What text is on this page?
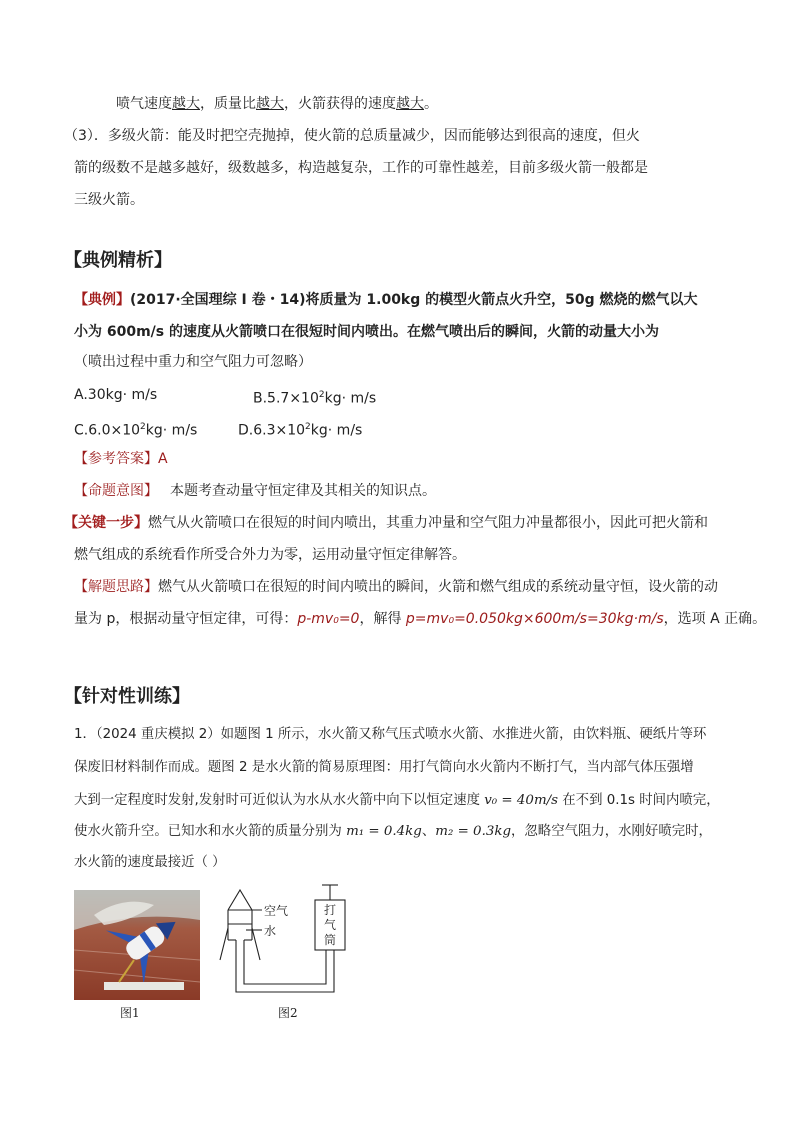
喷气速度越大，质量比越大，火箭获得的速度越大。
（3）．多级火箭：能及时把空壳抛掉，使火箭的总质量减少，因而能够达到很高的速度，但火
箭的级数不是越多越好，级数越多，构造越复杂，工作的可靠性越差，目前多级火箭一般都是
三级火箭。
【典例精析】
【典例】(2017·全国理综 I 卷・14)将质量为 1.00kg 的模型火箭点火升空，50g 燃烧的燃气以大
小为 600m/s 的速度从火箭喷口在很短时间内喷出。在燃气喷出后的瞬间，火箭的动量大小为
（喷出过程中重力和空气阻力可忽略）
A.30kg· m/s	$B.5.7\times 10^2kg\cdot m/s$
$C.6.0\times 10^2kg\cdot m/s$	$D.6.3\times 10^2kg\cdot m/s$
【参考答案】A
【命题意图】 本题考查动量守恒定律及其相关的知识点。
【关键一步】燃气从火箭喷口在很短的时间内喷出，其重力冲量和空气阻力冲量都很小，因此可把火箭和
燃气组成的系统看作所受合外力为零，运用动量守恒定律解答。
【解题思路】燃气从火箭喷口在很短的时间内喷出的瞬间，火箭和燃气组成的系统动量守恒，设火箭的动
量为 p，根据动量守恒定律，可得：p-mv₀=0，解得 p=mv₀=0.050kg×600m/s=30kg·m/s，选项 A 正确。
【针对性训练】
1．（2024 重庆模拟 2）如题图 1 所示，水火箭又称气压式喷水火箭、水推进火箭，由饮料瓶、硬纸片等环
保废旧材料制作而成。题图 2 是水火箭的简易原理图：用打气筒向水火箭内不断打气，当内部气体压强增
大到一定程度时发射,发射时可近似认为水从水火箭中向下以恒定速度 v₀ = 40m/s 在不到 0.1s 时间内喷完，
使水火箭升空。已知水和水火箭的质量分别为 m₁ = 0.4kg、m₂ = 0.3kg，忽略空气阻力，水刚好喷完时，
水火箭的速度最接近（ ）
图1
空气
水
打
气
筒
图2
